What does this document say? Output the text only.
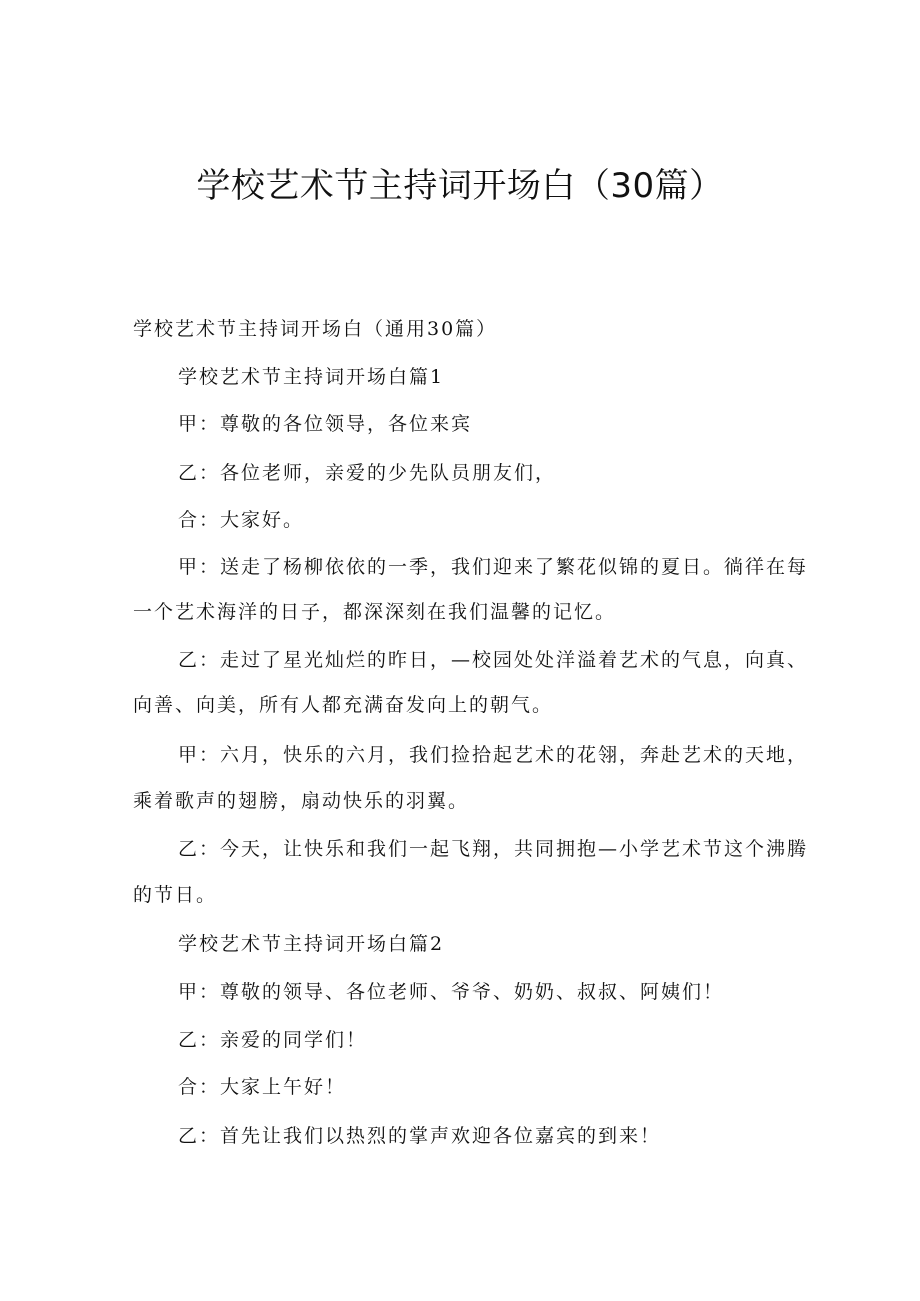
学校艺术节主持词开场白（30篇）
学校艺术节主持词开场白（通用30篇）
学校艺术节主持词开场白篇1
甲：尊敬的各位领导，各位来宾
乙：各位老师，亲爱的少先队员朋友们，
合：大家好。
甲：送走了杨柳依依的一季，我们迎来了繁花似锦的夏日。徜徉在每
一个艺术海洋的日子，都深深刻在我们温馨的记忆。
乙：走过了星光灿烂的昨日，—校园处处洋溢着艺术的气息，向真、
向善、向美，所有人都充满奋发向上的朝气。
甲：六月，快乐的六月，我们捡拾起艺术的花翎，奔赴艺术的天地，
乘着歌声的翅膀，扇动快乐的羽翼。
乙：今天，让快乐和我们一起飞翔，共同拥抱—小学艺术节这个沸腾
的节日。
学校艺术节主持词开场白篇2
甲：尊敬的领导、各位老师、爷爷、奶奶、叔叔、阿姨们！
乙：亲爱的同学们！
合：大家上午好！
乙：首先让我们以热烈的掌声欢迎各位嘉宾的到来！
